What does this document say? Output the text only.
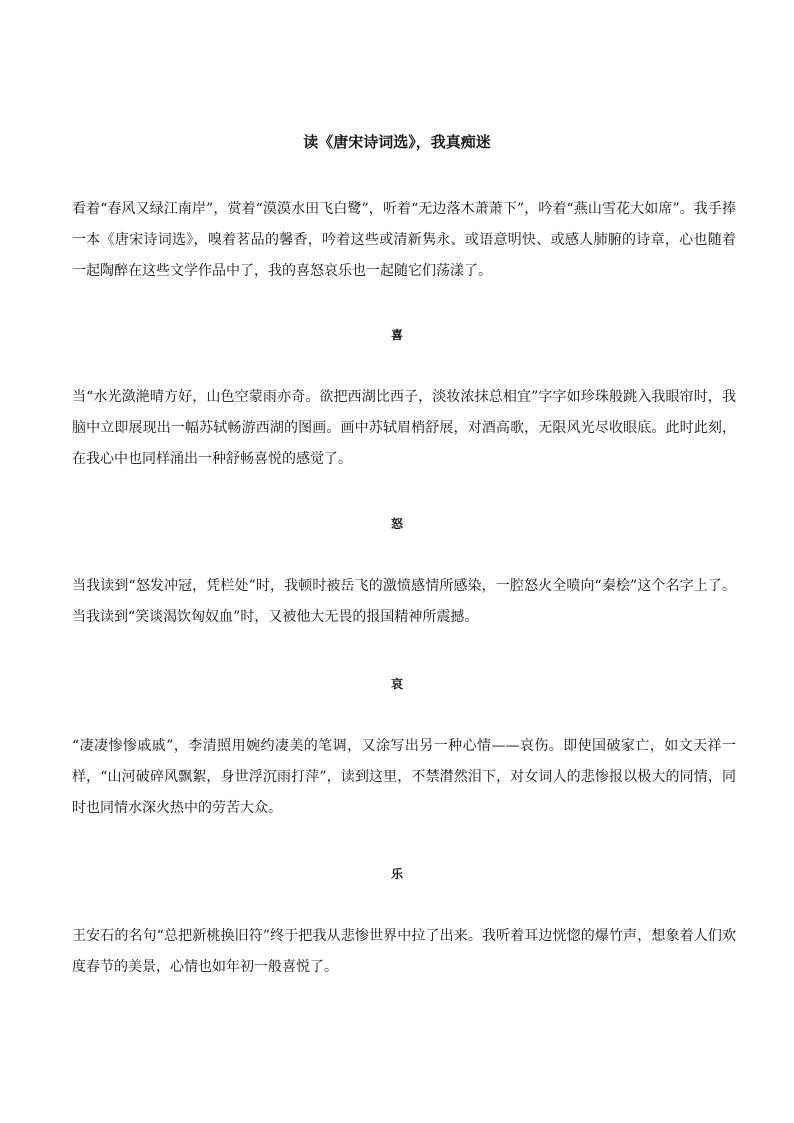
读《唐宋诗词选》，我真痴迷

看着“春风又绿江南岸”，赏着“漠漠水田飞白鹭”，听着“无边落木萧萧下”，吟着“燕山雪花大如席”。我手捧一本《唐宋诗词选》，嗅着茗品的馨香，吟着这些或清新隽永、或语意明快、或感人肺腑的诗章，心也随着一起陶醉在这些文学作品中了，我的喜怒哀乐也一起随它们荡漾了。

喜

当“水光潋滟晴方好，山色空蒙雨亦奇。欲把西湖比西子，淡妆浓抹总相宜”字字如珍珠般跳入我眼帘时，我脑中立即展现出一幅苏轼畅游西湖的图画。画中苏轼眉梢舒展，对酒高歌，无限风光尽收眼底。此时此刻，在我心中也同样涌出一种舒畅喜悦的感觉了。

怒

当我读到“怒发冲冠，凭栏处”时，我顿时被岳飞的激愤感情所感染，一腔怒火全喷向“秦桧”这个名字上了。当我读到“笑谈渴饮匈奴血”时，又被他大无畏的报国精神所震撼。

哀

“凄凄惨惨戚戚”，李清照用婉约凄美的笔调，又涂写出另一种心情——哀伤。即使国破家亡，如文天祥一样，“山河破碎风飘絮，身世浮沉雨打萍”，读到这里，不禁潸然泪下，对女词人的悲惨报以极大的同情，同时也同情水深火热中的劳苦大众。

乐

王安石的名句“总把新桃换旧符”终于把我从悲惨世界中拉了出来。我听着耳边恍惚的爆竹声，想象着人们欢度春节的美景，心情也如年初一般喜悦了。
